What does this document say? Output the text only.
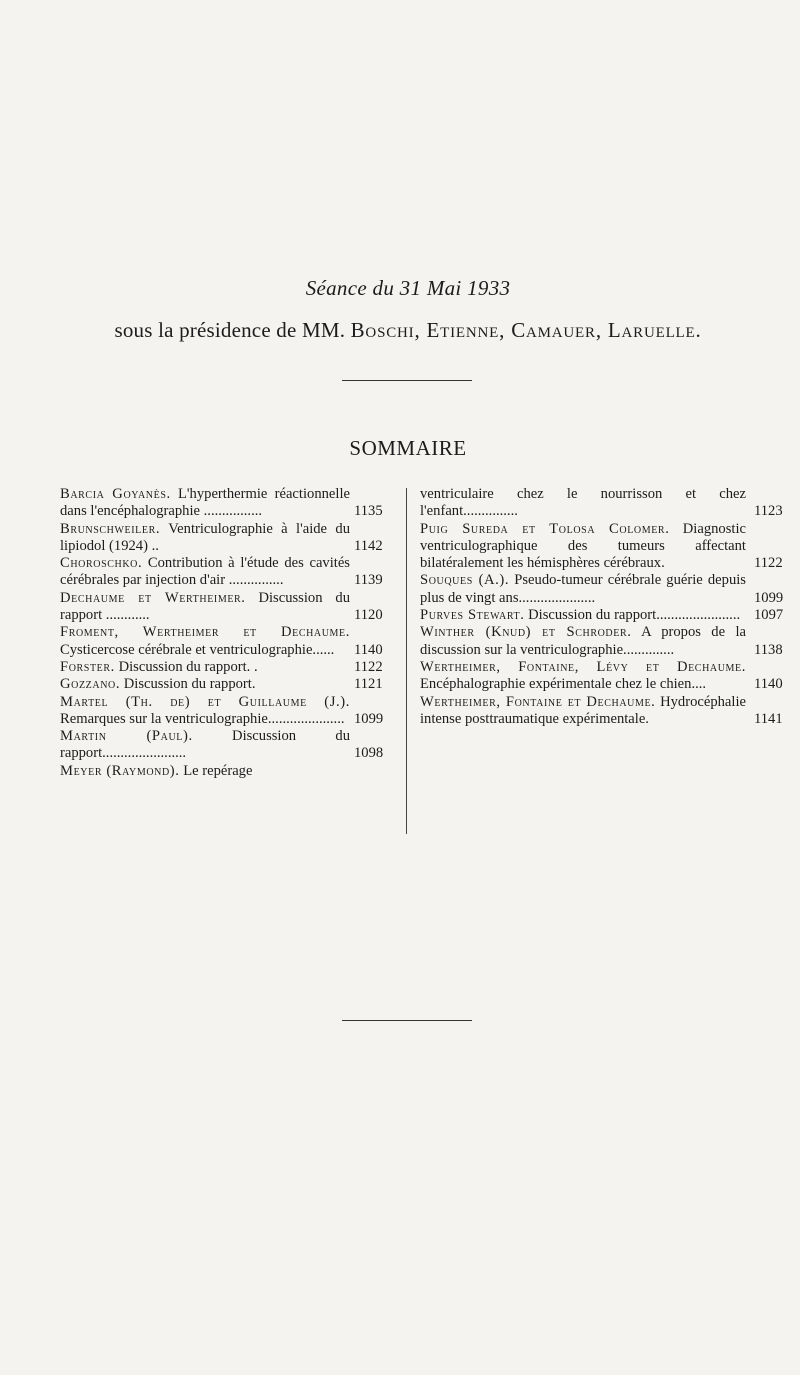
Séance du 31 Mai 1933
sous la présidence de MM. Boschi, Etienne, Camauer, Laruelle.
SOMMAIRE
Barcia Goyanès. L'hyperthermie réactionnelle dans l'encéphalographie ................	1135
Brunschweiler. Ventriculographie à l'aide du lipiodol (1924) ..	1142
Choroschko. Contribution à l'étude des cavités cérébrales par injection d'air ...............	1139
Dechaume et Wertheimer. Discussion du rapport ............	1120
Froment, Wertheimer et Dechaume. Cysticercose cérébrale et ventriculographie......	1140
Forster. Discussion du rapport. .	1122
Gozzano. Discussion du rapport.	1121
Martel (Th. de) et Guillaume (J.). Remarques sur la ventriculographie..................... 1099
Martin (Paul).	Discussion du rapport.......................	1098
Meyer (Raymond). Le repérage
ventriculaire chez le nourrisson et chez l'enfant...............	1123
Puig Sureda et Tolosa Colomer. Diagnostic ventriculographique des tumeurs affectant bilatéralement les hémisphères cérébraux.	1122
Souques (A.). Pseudo-tumeur cérébrale guérie depuis plus de vingt ans.....................	1099
Purves Stewart. Discussion du rapport....................... 1097
Winther (Knud) et Schroder. A propos de la discussion sur la ventriculographie..............	1138
Wertheimer, Fontaine, Lévy et Dechaume. Encéphalographie expérimentale chez le chien....	1140
Wertheimer, Fontaine et Dechaume. Hydrocéphalie intense posttraumatique expérimentale.	1141
